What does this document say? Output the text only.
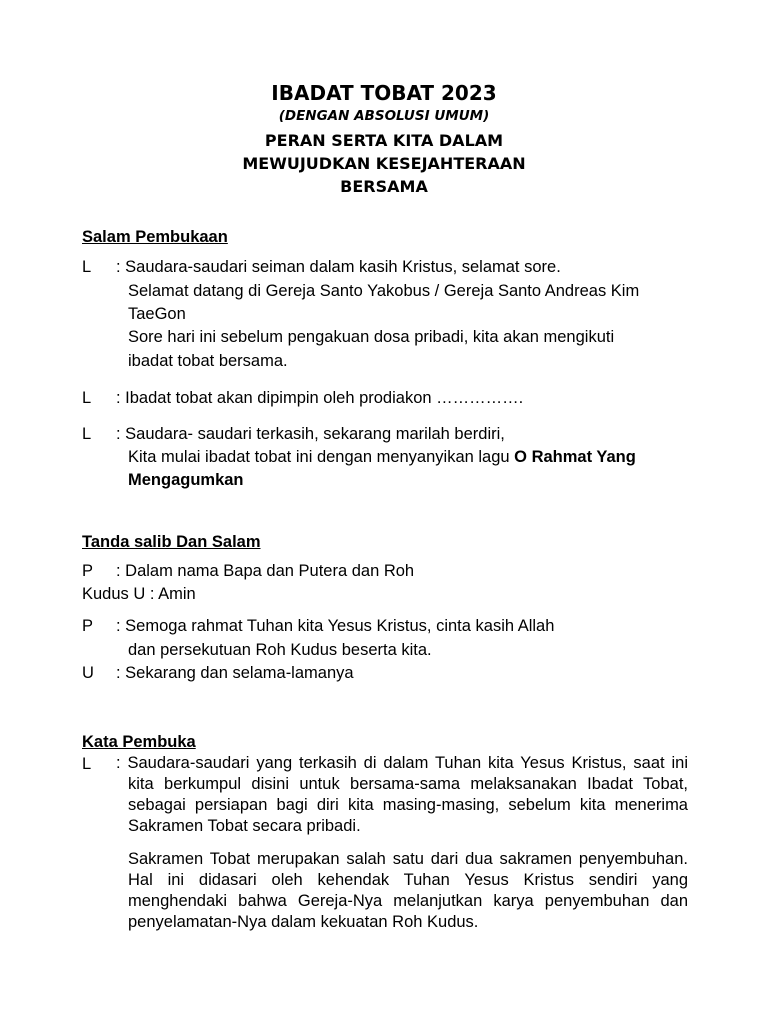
IBADAT TOBAT 2023
(DENGAN ABSOLUSI UMUM)
PERAN SERTA KITA DALAM
MEWUJUDKAN KESEJAHTERAAN
BERSAMA
Salam Pembukaan
L : Saudara-saudari seiman dalam kasih Kristus, selamat sore.
Selamat datang di Gereja Santo Yakobus / Gereja Santo Andreas Kim
TaeGon
Sore hari ini sebelum pengakuan dosa pribadi, kita akan mengikuti
ibadat tobat bersama.
L : Ibadat tobat akan dipimpin oleh prodiakon …………….
L : Saudara- saudari terkasih, sekarang marilah berdiri,
Kita mulai ibadat tobat ini dengan menyanyikan lagu O Rahmat Yang
Mengagumkan
Tanda salib Dan Salam
P : Dalam nama Bapa dan Putera dan Roh
Kudus U : Amin
P : Semoga rahmat Tuhan kita Yesus Kristus, cinta kasih Allah
dan persekutuan Roh Kudus beserta kita.
U : Sekarang dan selama-lamanya
Kata Pembuka
L : Saudara-saudari yang terkasih di dalam Tuhan kita Yesus Kristus, saat ini kita berkumpul disini untuk bersama-sama melaksanakan Ibadat Tobat, sebagai persiapan bagi diri kita masing-masing, sebelum kita menerima Sakramen Tobat secara pribadi.
Sakramen Tobat merupakan salah satu dari dua sakramen penyembuhan. Hal ini didasari oleh kehendak Tuhan Yesus Kristus sendiri yang menghendaki bahwa Gereja-Nya melanjutkan karya penyembuhan dan penyelamatan-Nya dalam kekuatan Roh Kudus.
